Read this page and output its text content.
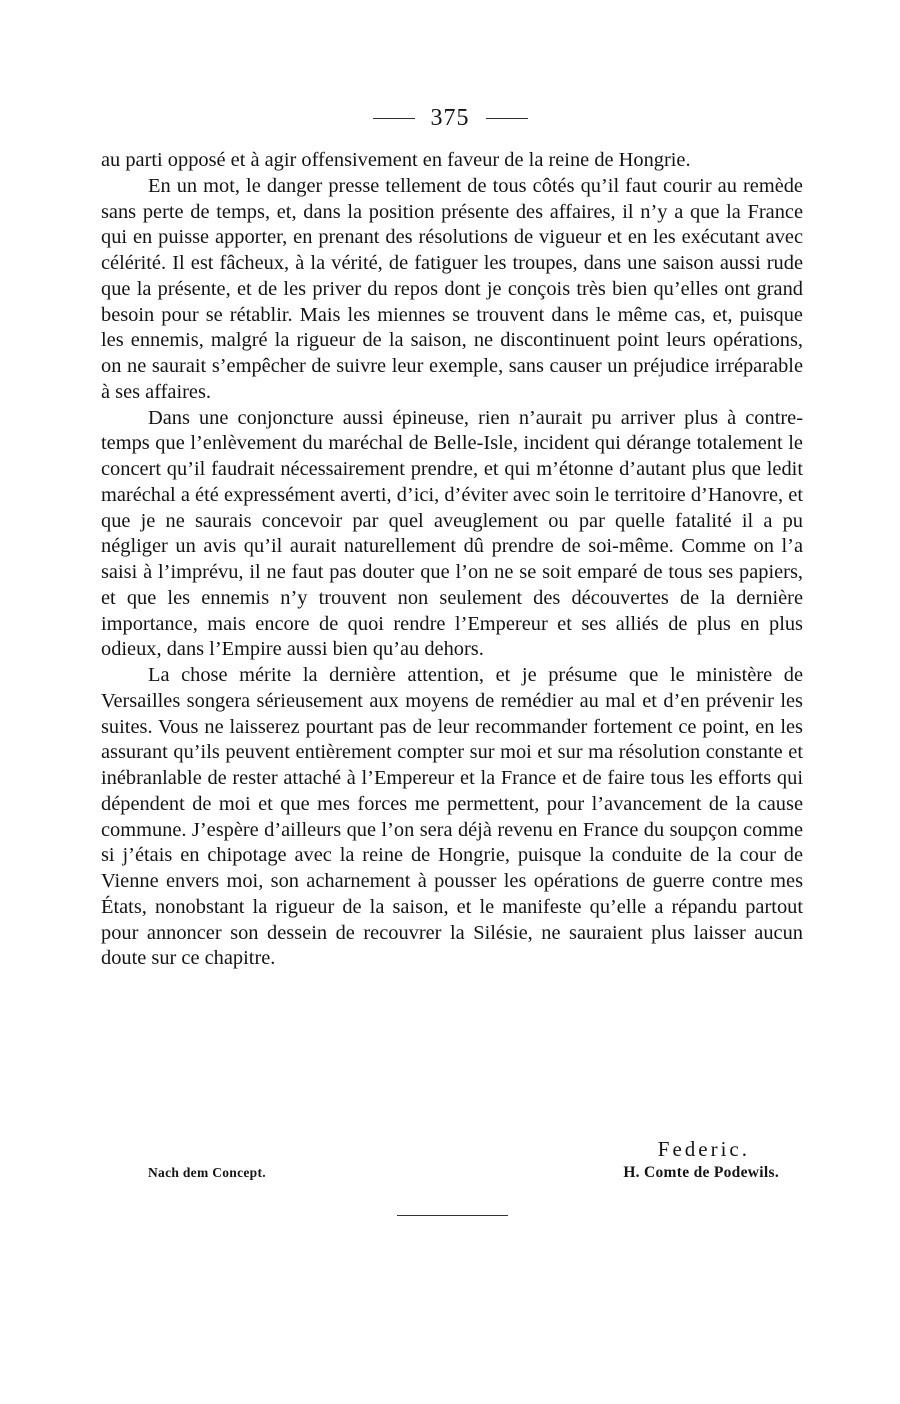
375

au parti opposé et à agir offensivement en faveur de la reine de Hongrie.

En un mot, le danger presse tellement de tous côtés qu’il faut courir au remède sans perte de temps, et, dans la position présente des affaires, il n’y a que la France qui en puisse apporter, en prenant des résolutions de vigueur et en les exécutant avec célérité. Il est fâcheux, à la vérité, de fatiguer les troupes, dans une saison aussi rude que la présente, et de les priver du repos dont je conçois très bien qu’elles ont grand besoin pour se rétablir. Mais les miennes se trouvent dans le même cas, et, puisque les ennemis, malgré la rigueur de la saison, ne discontinuent point leurs opérations, on ne saurait s’empêcher de suivre leur exemple, sans causer un préjudice irréparable à ses affaires.

Dans une conjoncture aussi épineuse, rien n’aurait pu arriver plus à contre-temps que l’enlèvement du maréchal de Belle-Isle, incident qui dérange totalement le concert qu’il faudrait nécessairement prendre, et qui m’étonne d’autant plus que ledit maréchal a été expressément averti, d’ici, d’éviter avec soin le territoire d’Hanovre, et que je ne saurais concevoir par quel aveuglement ou par quelle fatalité il a pu négliger un avis qu’il aurait naturellement dû prendre de soi-même. Comme on l’a saisi à l’imprévu, il ne faut pas douter que l’on ne se soit emparé de tous ses papiers, et que les ennemis n’y trouvent non seulement des découvertes de la dernière importance, mais encore de quoi rendre l’Empereur et ses alliés de plus en plus odieux, dans l’Empire aussi bien qu’au dehors.

La chose mérite la dernière attention, et je présume que le ministère de Versailles songera sérieusement aux moyens de remédier au mal et d’en prévenir les suites. Vous ne laisserez pourtant pas de leur recommander fortement ce point, en les assurant qu’ils peuvent entièrement compter sur moi et sur ma résolution constante et inébranlable de rester attaché à l’Empereur et la France et de faire tous les efforts qui dépendent de moi et que mes forces me permettent, pour l’avancement de la cause commune. J’espère d’ailleurs que l’on sera déjà revenu en France du soupçon comme si j’étais en chipotage avec la reine de Hongrie, puisque la conduite de la cour de Vienne envers moi, son acharnement à pousser les opérations de guerre contre mes États, nonobstant la rigueur de la saison, et le manifeste qu’elle a répandu partout pour annoncer son dessein de recouvrer la Silésie, ne sauraient plus laisser aucun doute sur ce chapitre.

Federic.
Nach dem Concept.	H. Comte de Podewils.
